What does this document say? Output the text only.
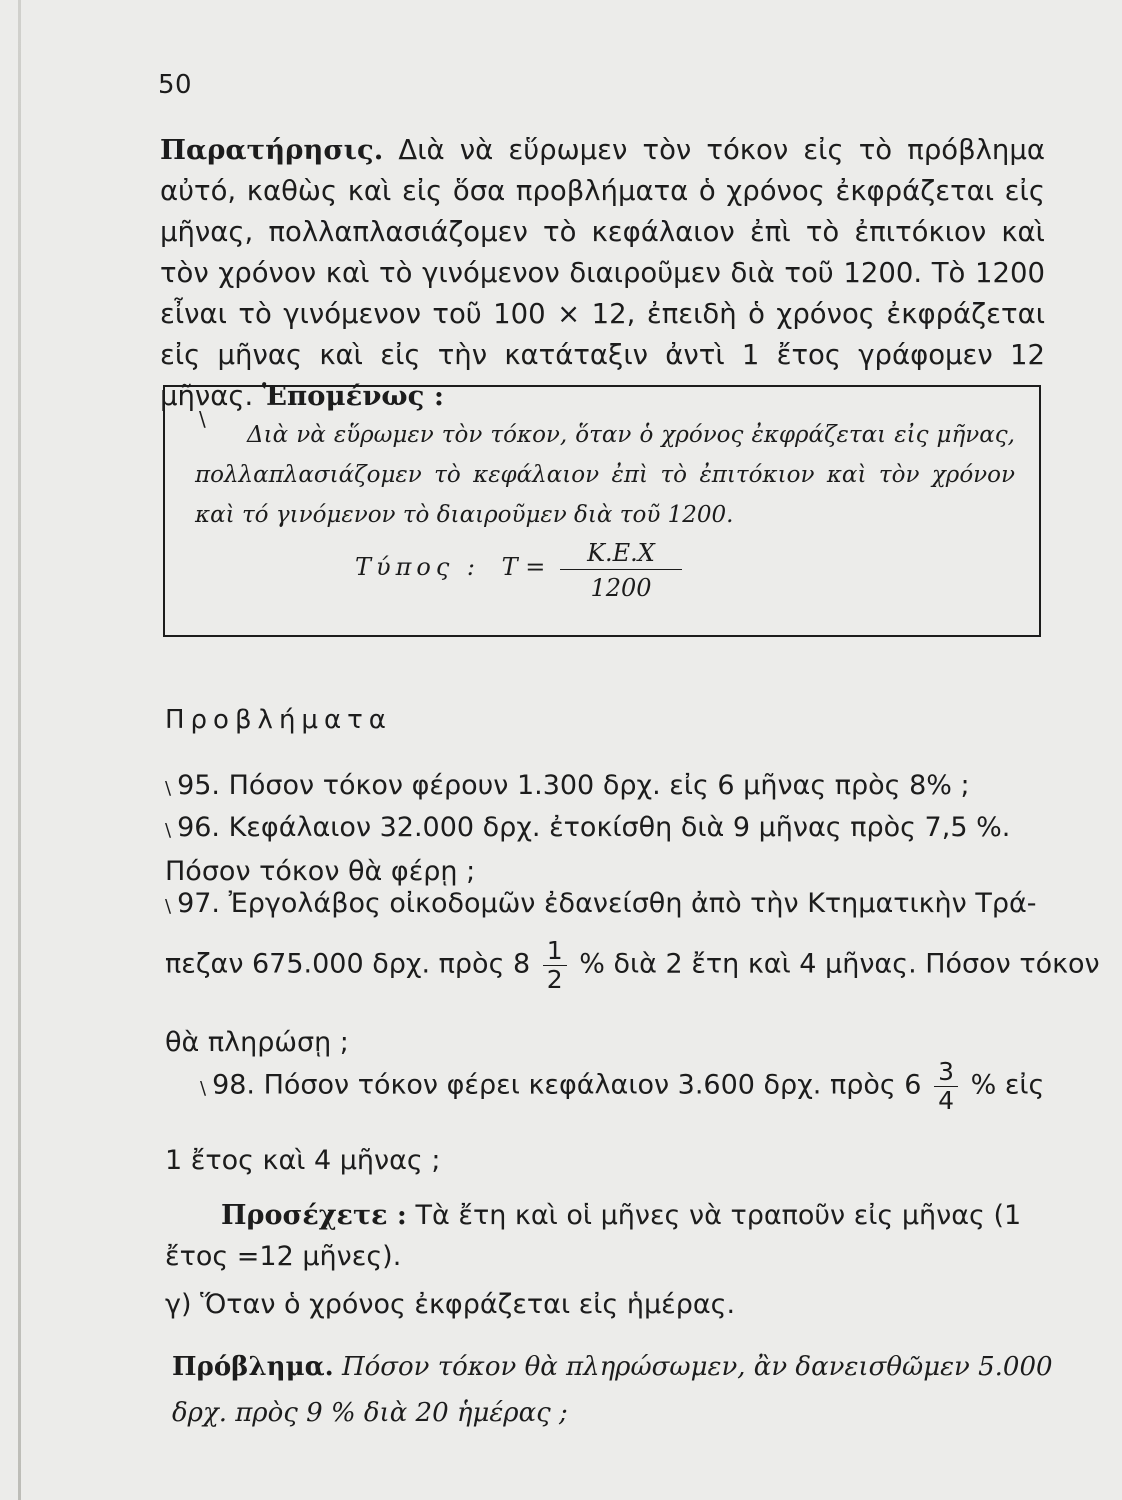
50
Παρατήρησις. Διὰ νὰ εὕρωμεν τὸν τόκον εἰς τὸ πρόβλημα αὐτό, καθὼς καὶ εἰς ὅσα προβλήματα ὁ χρόνος ἐκφράζεται εἰς μῆνας, πολλαπλασιάζομεν τὸ κεφάλαιον ἐπὶ τὸ ἐπιτόκιον καὶ τὸν χρόνον καὶ τὸ γινόμενον διαιροῦμεν διὰ τοῦ 1200. Τὸ 1200 εἶναι τὸ γινόμενον τοῦ 100 × 12, ἐπειδὴ ὁ χρόνος ἐκφράζεται εἰς μῆνας καὶ εἰς τὴν κατάταξιν ἀντὶ 1 ἔτος γράφομεν 12 μῆνας. Ἑπομένως :
\
Διὰ νὰ εὕρωμεν τὸν τόκον, ὅταν ὁ χρόνος ἐκφράζεται εἰς μῆνας, πολλαπλασιάζομεν τὸ κεφάλαιον ἐπὶ τὸ ἐπιτόκιον καὶ τὸν χρόνον καὶ τό γινόμενον τὸ διαιροῦμεν διὰ τοῦ 1200.
Τύπος : $T = \frac{K.E.X}{1200}$
Προβλήματα
\ 95. Πόσον τόκον φέρουν 1.300 δρχ. εἰς 6 μῆνας πρὸς 8% ;
\ 96. Κεφάλαιον 32.000 δρχ. ἐτοκίσθη διὰ 9 μῆνας πρὸς 7,5 %. Πόσον τόκον θὰ φέρῃ ;
\ 97. Ἐργολάβος οἰκοδομῶν ἐδανείσθη ἀπὸ τὴν Κτηματικὴν Τρά-
πεζαν 675.000 δρχ. πρὸς $8 \frac{1}{2}$ % διὰ 2 ἔτη καὶ 4 μῆνας. Πόσον τόκον
θὰ πληρώσῃ ;
\ 98. Πόσον τόκον φέρει κεφάλαιον 3.600 δρχ. πρὸς $6 \frac{3}{4}$ % εἰς
1 ἔτος καὶ 4 μῆνας ;
Προσέχετε : Τὰ ἔτη καὶ οἱ μῆνες νὰ τραποῦν εἰς μῆνας (1 ἔτος =12 μῆνες).
γ) Ὅταν ὁ χρόνος ἐκφράζεται εἰς ἡμέρας.
Πρόβλημα. Πόσον τόκον θὰ πληρώσωμεν, ἂν δανεισθῶμεν 5.000 δρχ. πρὸς 9 % διὰ 20 ἡμέρας ;
